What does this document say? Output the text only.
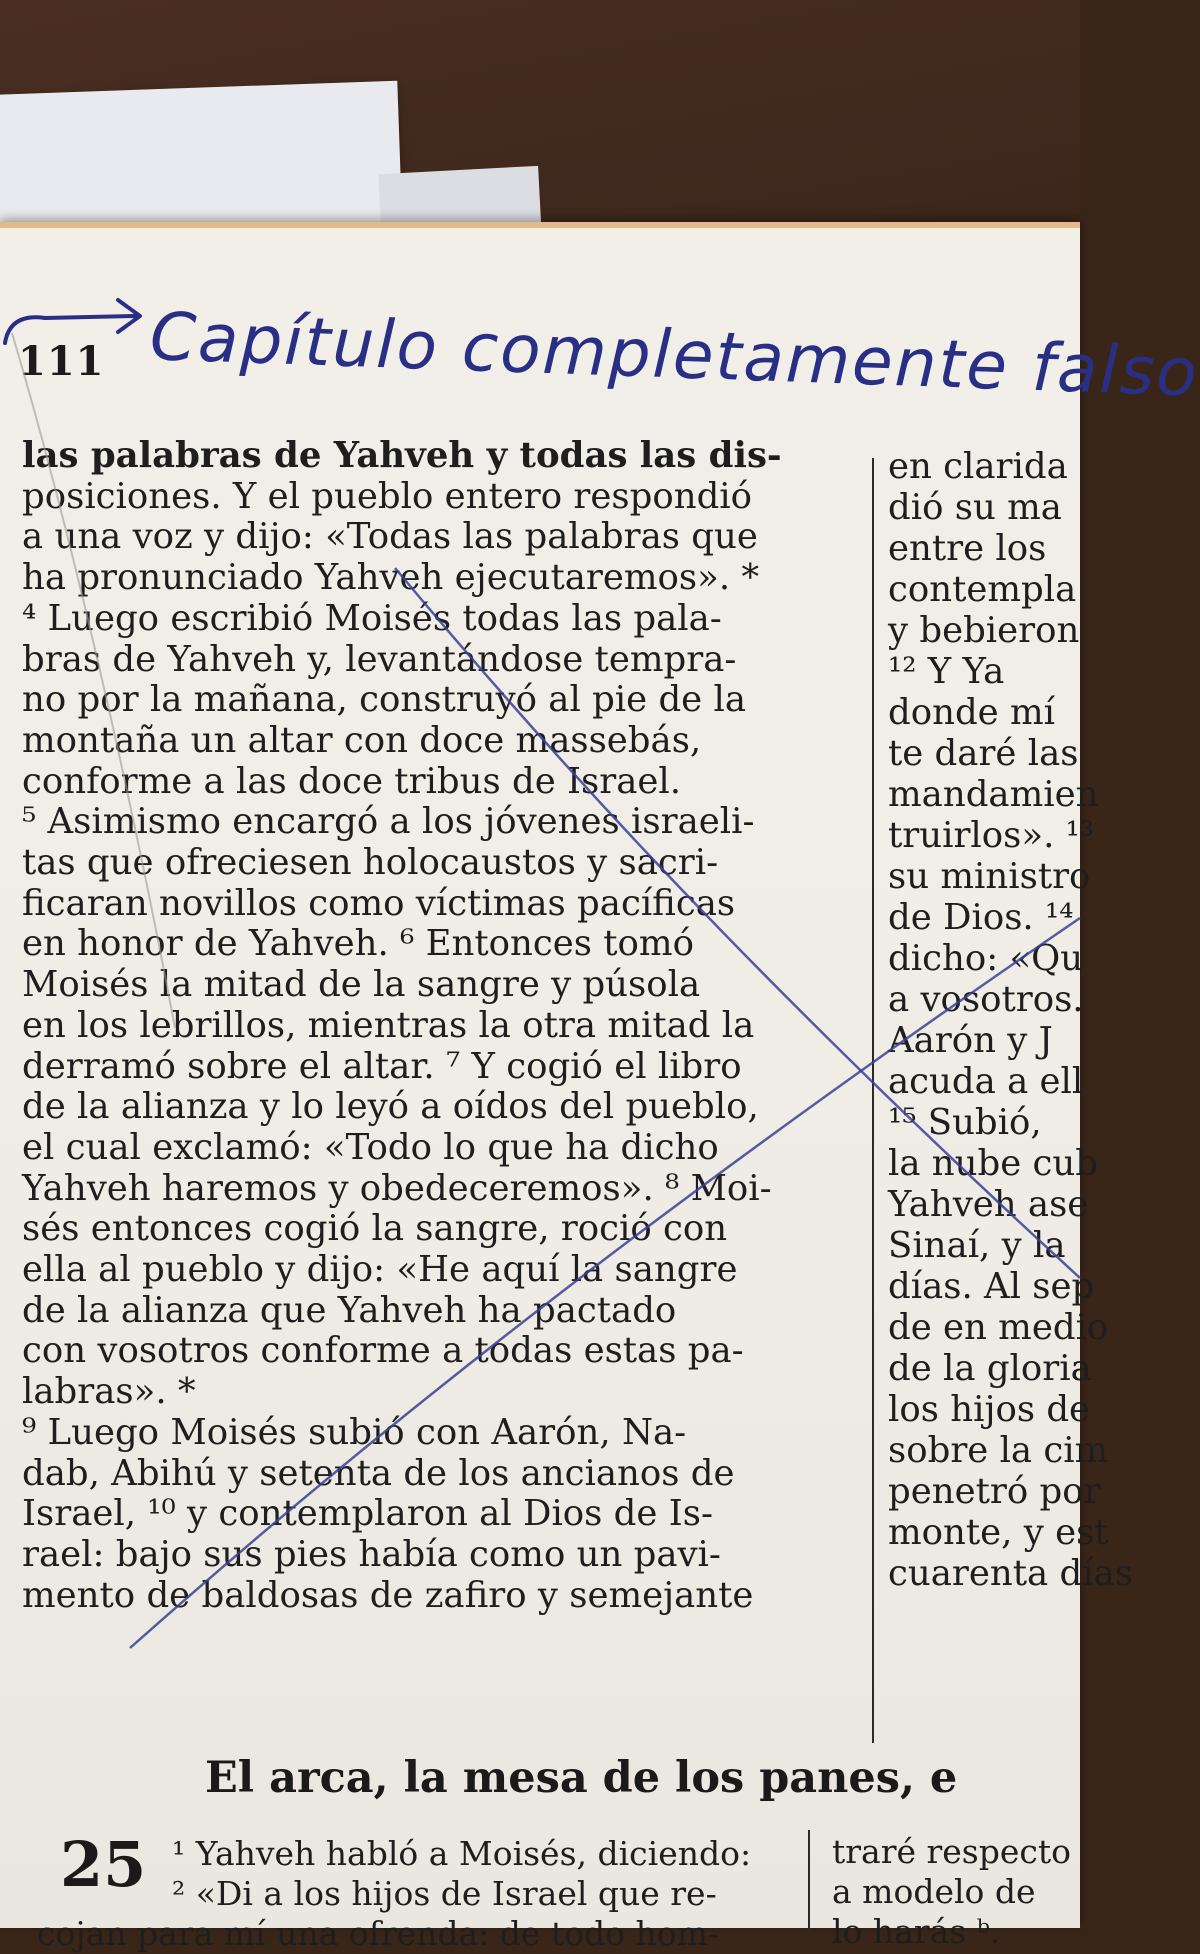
111 Capítulo completamente falso
las palabras de Yahveh y todas las dis-
posiciones. Y el pueblo entero respondió
a una voz y dijo: «Todas las palabras que
ha pronunciado Yahveh ejecutaremos». *
⁴ Luego escribió Moisés todas las pala-
bras de Yahveh y, levantándose tempra-
no por la mañana, construyó al pie de la
montaña un altar con doce massebás,
conforme a las doce tribus de Israel.
⁵ Asimismo encargó a los jóvenes israeli-
tas que ofreciesen holocaustos y sacri-
ficaran novillos como víctimas pacíficas
en honor de Yahveh. ⁶ Entonces tomó
Moisés la mitad de la sangre y púsola
en los lebrillos, mientras la otra mitad la
derramó sobre el altar. ⁷ Y cogió el libro
de la alianza y lo leyó a oídos del pueblo,
el cual exclamó: «Todo lo que ha dicho
Yahveh haremos y obedeceremos». ⁸ Moi-
sés entonces cogió la sangre, roció con
ella al pueblo y dijo: «He aquí la sangre
de la alianza que Yahveh ha pactado
con vosotros conforme a todas estas pa-
labras». *
⁹ Luego Moisés subió con Aarón, Na-
dab, Abihú y setenta de los ancianos de
Israel, ¹⁰ y contemplaron al Dios de Is-
rael: bajo sus pies había como un pavi-
mento de baldosas de zafiro y semejante
en clarida
dió su ma
entre los
contempla
y bebieron
¹² Y Ya
donde mí
te daré las
mandamien
truirlos». ¹³
su ministro
de Dios. ¹⁴
dicho: «Qu
a vosotros.
Aarón y J
acuda a ell
¹⁵ Subió,
la nube cub
Yahveh ase
Sinaí, y la
días. Al sep
de en medio
de la gloria
los hijos de
sobre la cim
penetró por
monte, y est
cuarenta días
El arca, la mesa de los panes, e
25 ¹ Yahveh habló a Moisés, diciendo:
² «Di a los hijos de Israel que re-
cojan para mí una ofrenda: de todo hom-
traré respecto
a modelo de
lo harás ᵇ.
